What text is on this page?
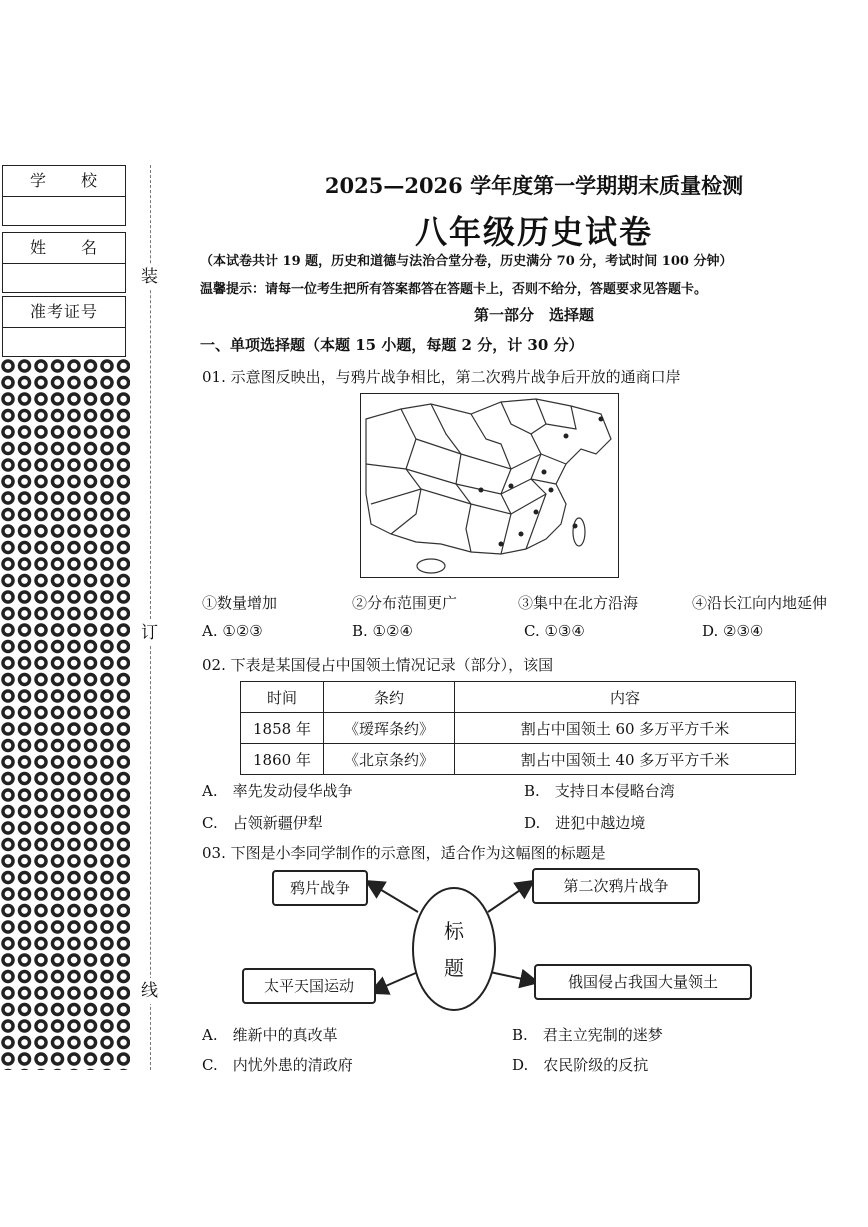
学　　校
姓　　名
准考证号
装
订
线
2025—2026 学年度第一学期期末质量检测
八年级历史试卷
（本试卷共计 19 题，历史和道德与法治合堂分卷，历史满分 70 分，考试时间 100 分钟）
温馨提示：请每一位考生把所有答案都答在答题卡上，否则不给分，答题要求见答题卡。
第一部分　选择题
一、单项选择题（本题 15 小题，每题 2 分，计 30 分）
01. 示意图反映出，与鸦片战争相比，第二次鸦片战争后开放的通商口岸
①数量增加	②分布范围更广	③集中在北方沿海	④沿长江向内地延伸
A. ①②③	B. ①②④	C. ①③④	D. ②③④
02. 下表是某国侵占中国领土情况记录（部分），该国
时间	条约	内容
1858 年	《瑷珲条约》	割占中国领土 60 多万平方千米
1860 年	《北京条约》	割占中国领土 40 多万平方千米
A.　率先发动侵华战争	B.　支持日本侵略台湾
C.　占领新疆伊犁	D.　进犯中越边境
03. 下图是小李同学制作的示意图，适合作为这幅图的标题是
标
题
鸦片战争	第二次鸦片战争
太平天国运动	俄国侵占我国大量领土
A.　维新中的真改革	B.　君主立宪制的迷梦
C.　内忧外患的清政府	D.　农民阶级的反抗
